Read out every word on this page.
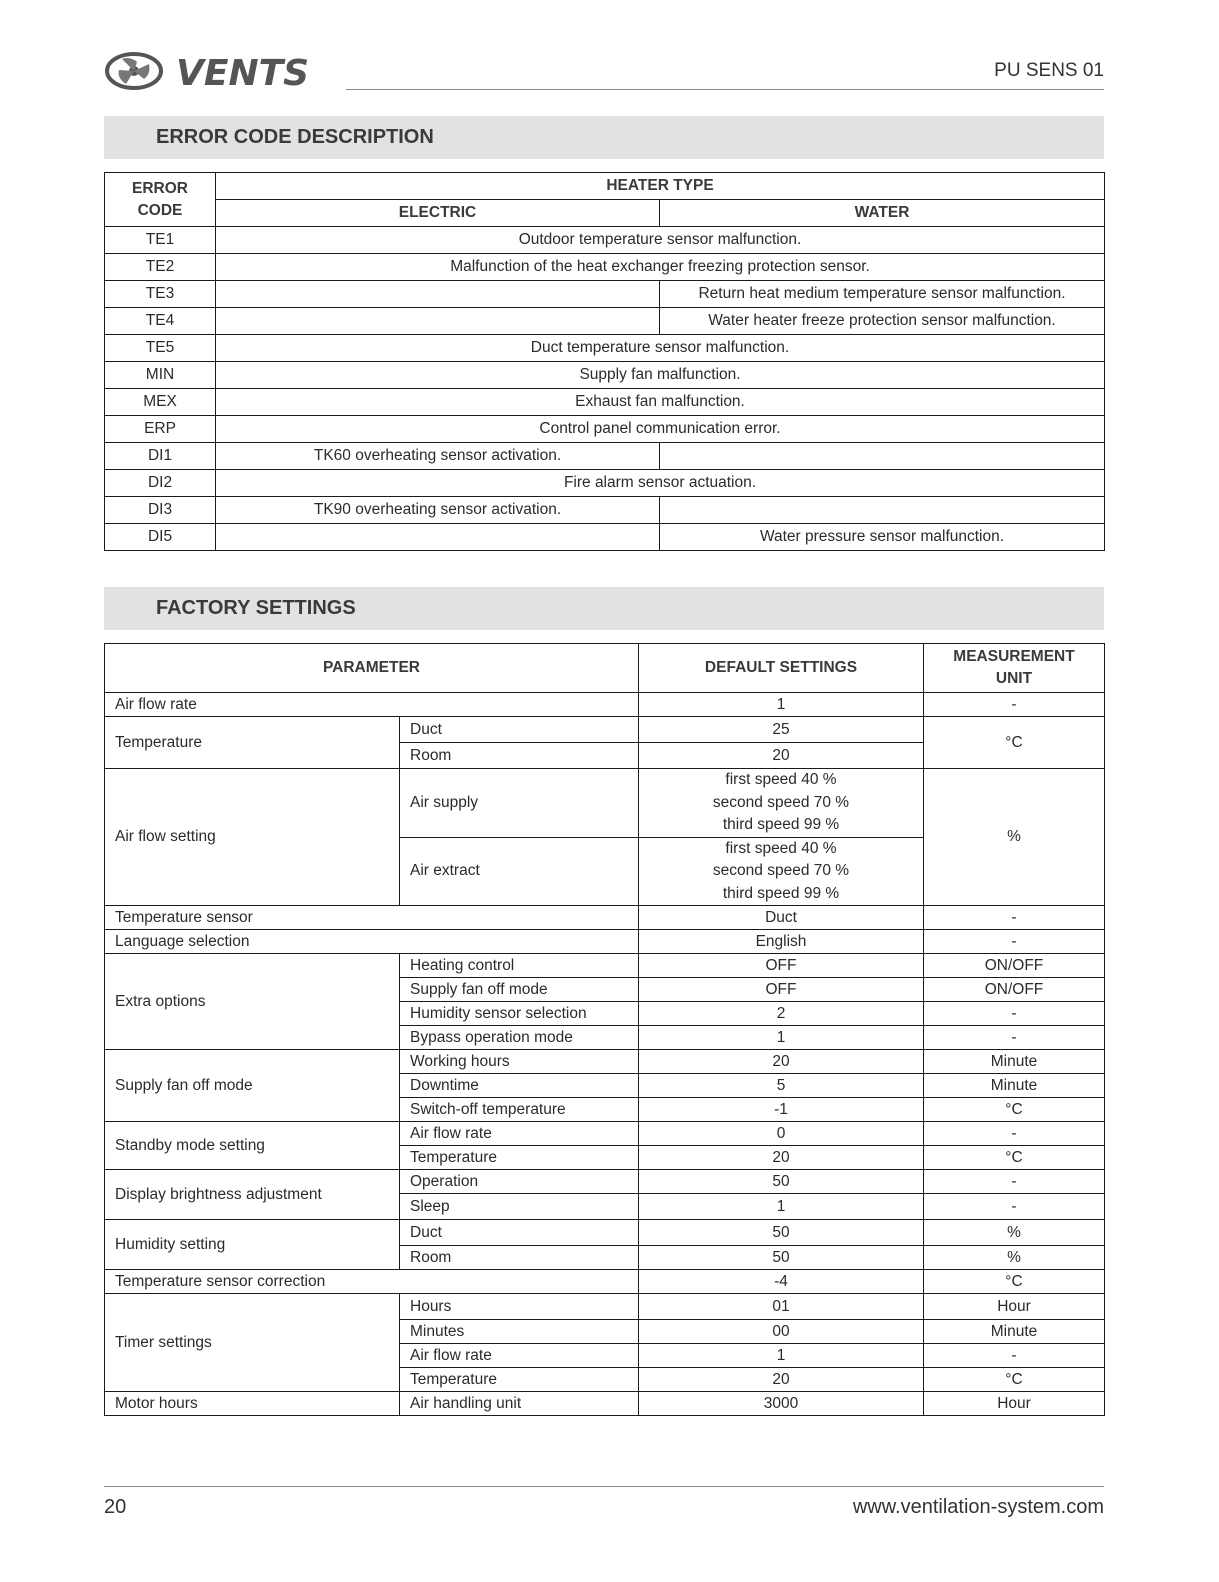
VENTS	PU SENS 01
ERROR CODE DESCRIPTION
ERROR
CODE	HEATER TYPE	
	ELECTRIC	WATER
TE1	Outdoor temperature sensor malfunction.	
TE2	Malfunction of the heat exchanger freezing protection sensor.	
TE3		Return heat medium temperature sensor malfunction.
TE4		Water heater freeze protection sensor malfunction.
TE5	Duct temperature sensor malfunction.	
MIN	Supply fan malfunction.	
MEX	Exhaust fan malfunction.	
ERP	Control panel communication error.	
DI1	TK60 overheating sensor activation.	
DI2	Fire alarm sensor actuation.	
DI3	TK90 overheating sensor activation.	
DI5		Water pressure sensor malfunction.
FACTORY SETTINGS
PARAMETER		DEFAULT SETTINGS	MEASUREMENT
UNIT
Air flow rate		1	-
Temperature	Duct	25	°C
	Room	20	
Air flow setting	Air supply	first speed 40 %
second speed 70 %
third speed 99 %	%
	Air extract	first speed 40 %
second speed 70 %
third speed 99 %	

Temperature sensor		Duct	-
Language selection		English	-
Extra options	Heating control	OFF	ON/OFF
	Supply fan off mode	OFF	ON/OFF
	Humidity sensor selection	2	-
	Bypass operation mode	1	-
Supply fan off mode	Working hours	20	Minute
	Downtime	5	Minute
	Switch-off temperature	-1	°C
Standby mode setting	Air flow rate	0	-
	Temperature	20	°C
Display brightness adjustment	Operation	50	-
	Sleep	1	-
Humidity setting	Duct	50	%
	Room	50	%
Temperature sensor correction		-4	°C
Timer settings	Hours	01	Hour
	Minutes	00	Minute
	Air flow rate	1	-
	Temperature	20	°C
Motor hours	Air handling unit	3000	Hour
20	www.ventilation-system.com
